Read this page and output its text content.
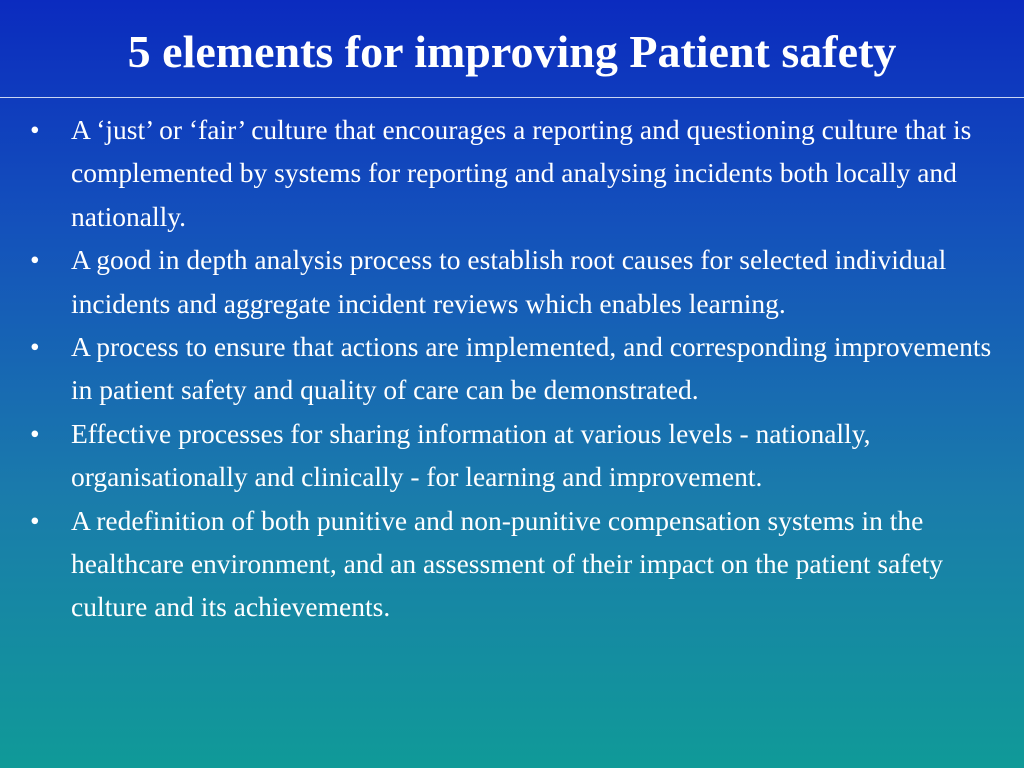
5 elements for improving Patient safety
•	A ‘just’ or ‘fair’ culture that encourages a reporting and questioning culture that is complemented by systems for reporting and analysing incidents both locally and nationally.
•	A good in depth analysis process to establish root causes for selected individual incidents and aggregate incident reviews which enables learning.
•	A process to ensure that actions are implemented, and corresponding improvements in patient safety and quality of care can be demonstrated.
•	Effective processes for sharing information at various levels - nationally, organisationally and clinically - for learning and improvement.
•	A redefinition of both punitive and non-punitive compensation systems in the healthcare environment, and an assessment of their impact on the patient safety culture and its achievements.
